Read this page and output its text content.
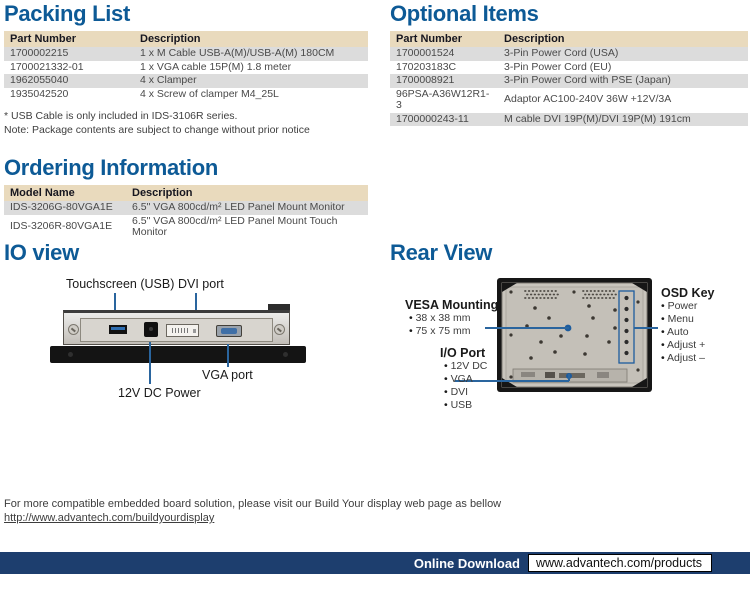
Packing List
Part Number	Description
1700002215	1 x M Cable USB-A(M)/USB-A(M) 180CM
1700021332-01	1 x VGA cable 15P(M) 1.8 meter
1962055040	4 x Clamper
1935042520	4 x Screw of clamper M4_25L
* USB Cable is only included in IDS-3106R series.
Note: Package contents are subject to change without prior notice
Optional Items
Part Number	Description
1700001524	3-Pin Power Cord (USA)
170203183C	3-Pin Power Cord (EU)
1700008921	3-Pin Power Cord with PSE (Japan)
96PSA-A36W12R1-3	Adaptor AC100-240V 36W +12V/3A
1700000243-11	M cable DVI 19P(M)/DVI 19P(M) 191cm
Ordering Information
Model Name	Description
IDS-3206G-80VGA1E	6.5" VGA 800cd/m² LED Panel Mount Monitor
IDS-3206R-80VGA1E	6.5" VGA 800cd/m² LED Panel Mount Touch Monitor
IO view	Rear View
Touchscreen (USB) DVI port
VGA port
12V DC Power
VESA Mounting
• 38 x 38 mm
• 75 x 75 mm
I/O Port
• 12V DC
• VGA
• DVI
• USB
OSD Key
• Power
• Menu
• Auto
• Adjust +
• Adjust –
For more compatible embedded board solution, please visit our Build Your display web page as bellow
http://www.advantech.com/buildyourdisplay
Online Download	www.advantech.com/products
